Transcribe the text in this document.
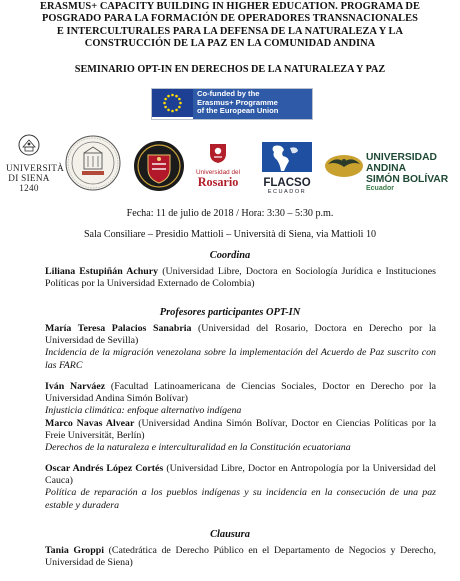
ERASMUS+ CAPACITY BUILDING IN HIGHER EDUCATION. PROGRAMA DE
POSGRADO PARA LA FORMACIÓN DE OPERADORES TRANSNACIONALES
E INTERCULTURALES PARA LA DEFENSA DE LA NATURALEZA Y LA
CONSTRUCCIÓN DE LA PAZ EN LA COMUNIDAD ANDINA
SEMINARIO OPT-IN EN DERECHOS DE LA NATURALEZA Y PAZ
Co-funded by the
Erasmus+ Programme
of the European Union
UNIVERSITÀ
DI SIENA
1240
Universidad del
Rosario	FLACSO
ECUADOR
UNIVERSIDAD ANDINA
SIMÓN BOLÍVAR
Ecuador
Fecha: 11 de julio de 2018 / Hora: 3:30 – 5:30 p.m.
Sala Consiliare – Presidio Mattioli – Università di Siena, via Mattioli 10
Coordina
Liliana Estupiñán Achury (Universidad Libre, Doctora en Sociología Jurídica e Instituciones Políticas por la Universidad Externado de Colombia)
Profesores participantes OPT-IN
María Teresa Palacios Sanabria (Universidad del Rosario, Doctora en Derecho por la Universidad de Sevilla)
Incidencia de la migración venezolana sobre la implementación del Acuerdo de Paz suscrito con las FARC
Iván Narváez (Facultad Latinoamericana de Ciencias Sociales, Doctor en Derecho por la Universidad Andina Simón Bolívar)
Injusticia climática: enfoque alternativo indígena
Marco Navas Alvear (Universidad Andina Simón Bolívar, Doctor en Ciencias Políticas por la Freie Universität, Berlín)
Derechos de la naturaleza e interculturalidad en la Constitución ecuatoriana
Oscar Andrés López Cortés (Universidad Libre, Doctor en Antropología por la Universidad del Cauca)
Política de reparación a los pueblos indígenas y su incidencia en la consecución de una paz estable y duradera
Clausura
Tania Groppi (Catedrática de Derecho Público en el Departamento de Negocios y Derecho, Universidad de Siena)
